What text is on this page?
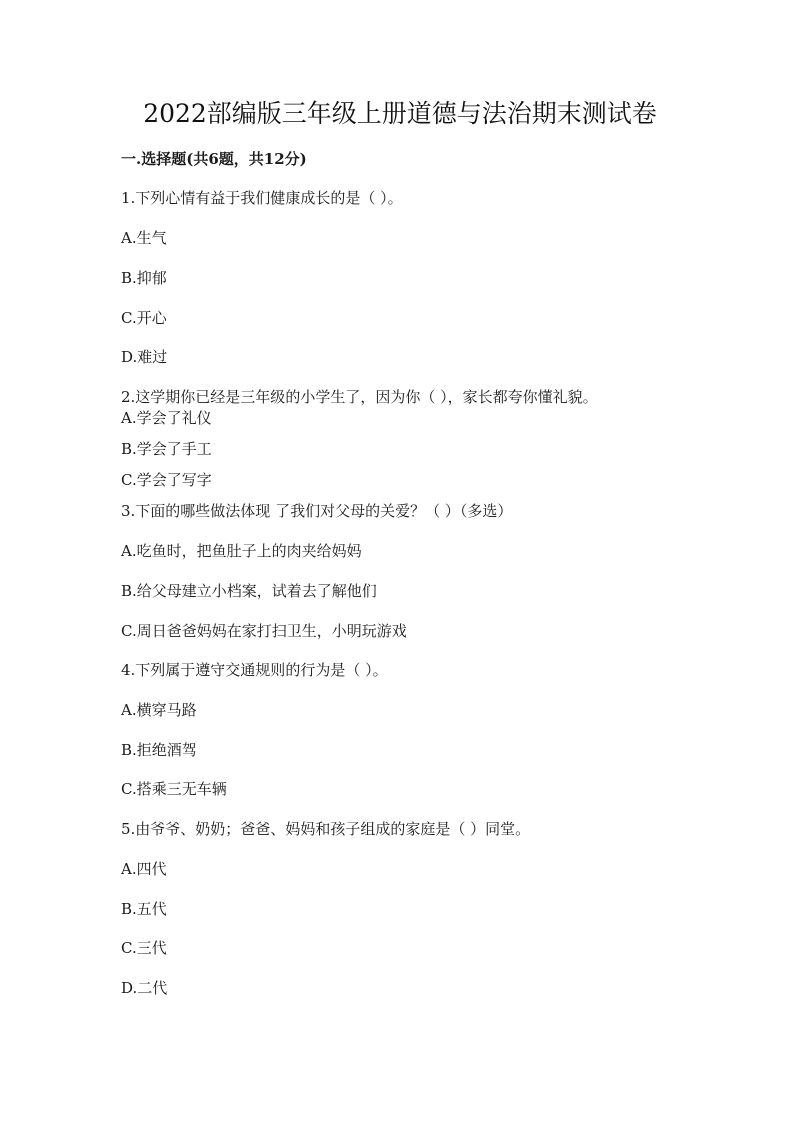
2022部编版三年级上册道德与法治期末测试卷

一.选择题(共6题，共12分)

1.下列心情有益于我们健康成长的是（ ）。

A.生气

B.抑郁

C.开心

D.难过

2.这学期你已经是三年级的小学生了，因为你（ ），家长都夸你懂礼貌。

A.学会了礼仪

B.学会了手工

C.学会了写字

3.下面的哪些做法体现 了我们对父母的关爱？（ ）（多选）

A.吃鱼时，把鱼肚子上的肉夹给妈妈

B.给父母建立小档案，试着去了解他们

C.周日爸爸妈妈在家打扫卫生，小明玩游戏

4.下列属于遵守交通规则的行为是（ ）。

A.横穿马路

B.拒绝酒驾

C.搭乘三无车辆

5.由爷爷、奶奶；爸爸、妈妈和孩子组成的家庭是（ ）同堂。

A.四代

B.五代

C.三代

D.二代
